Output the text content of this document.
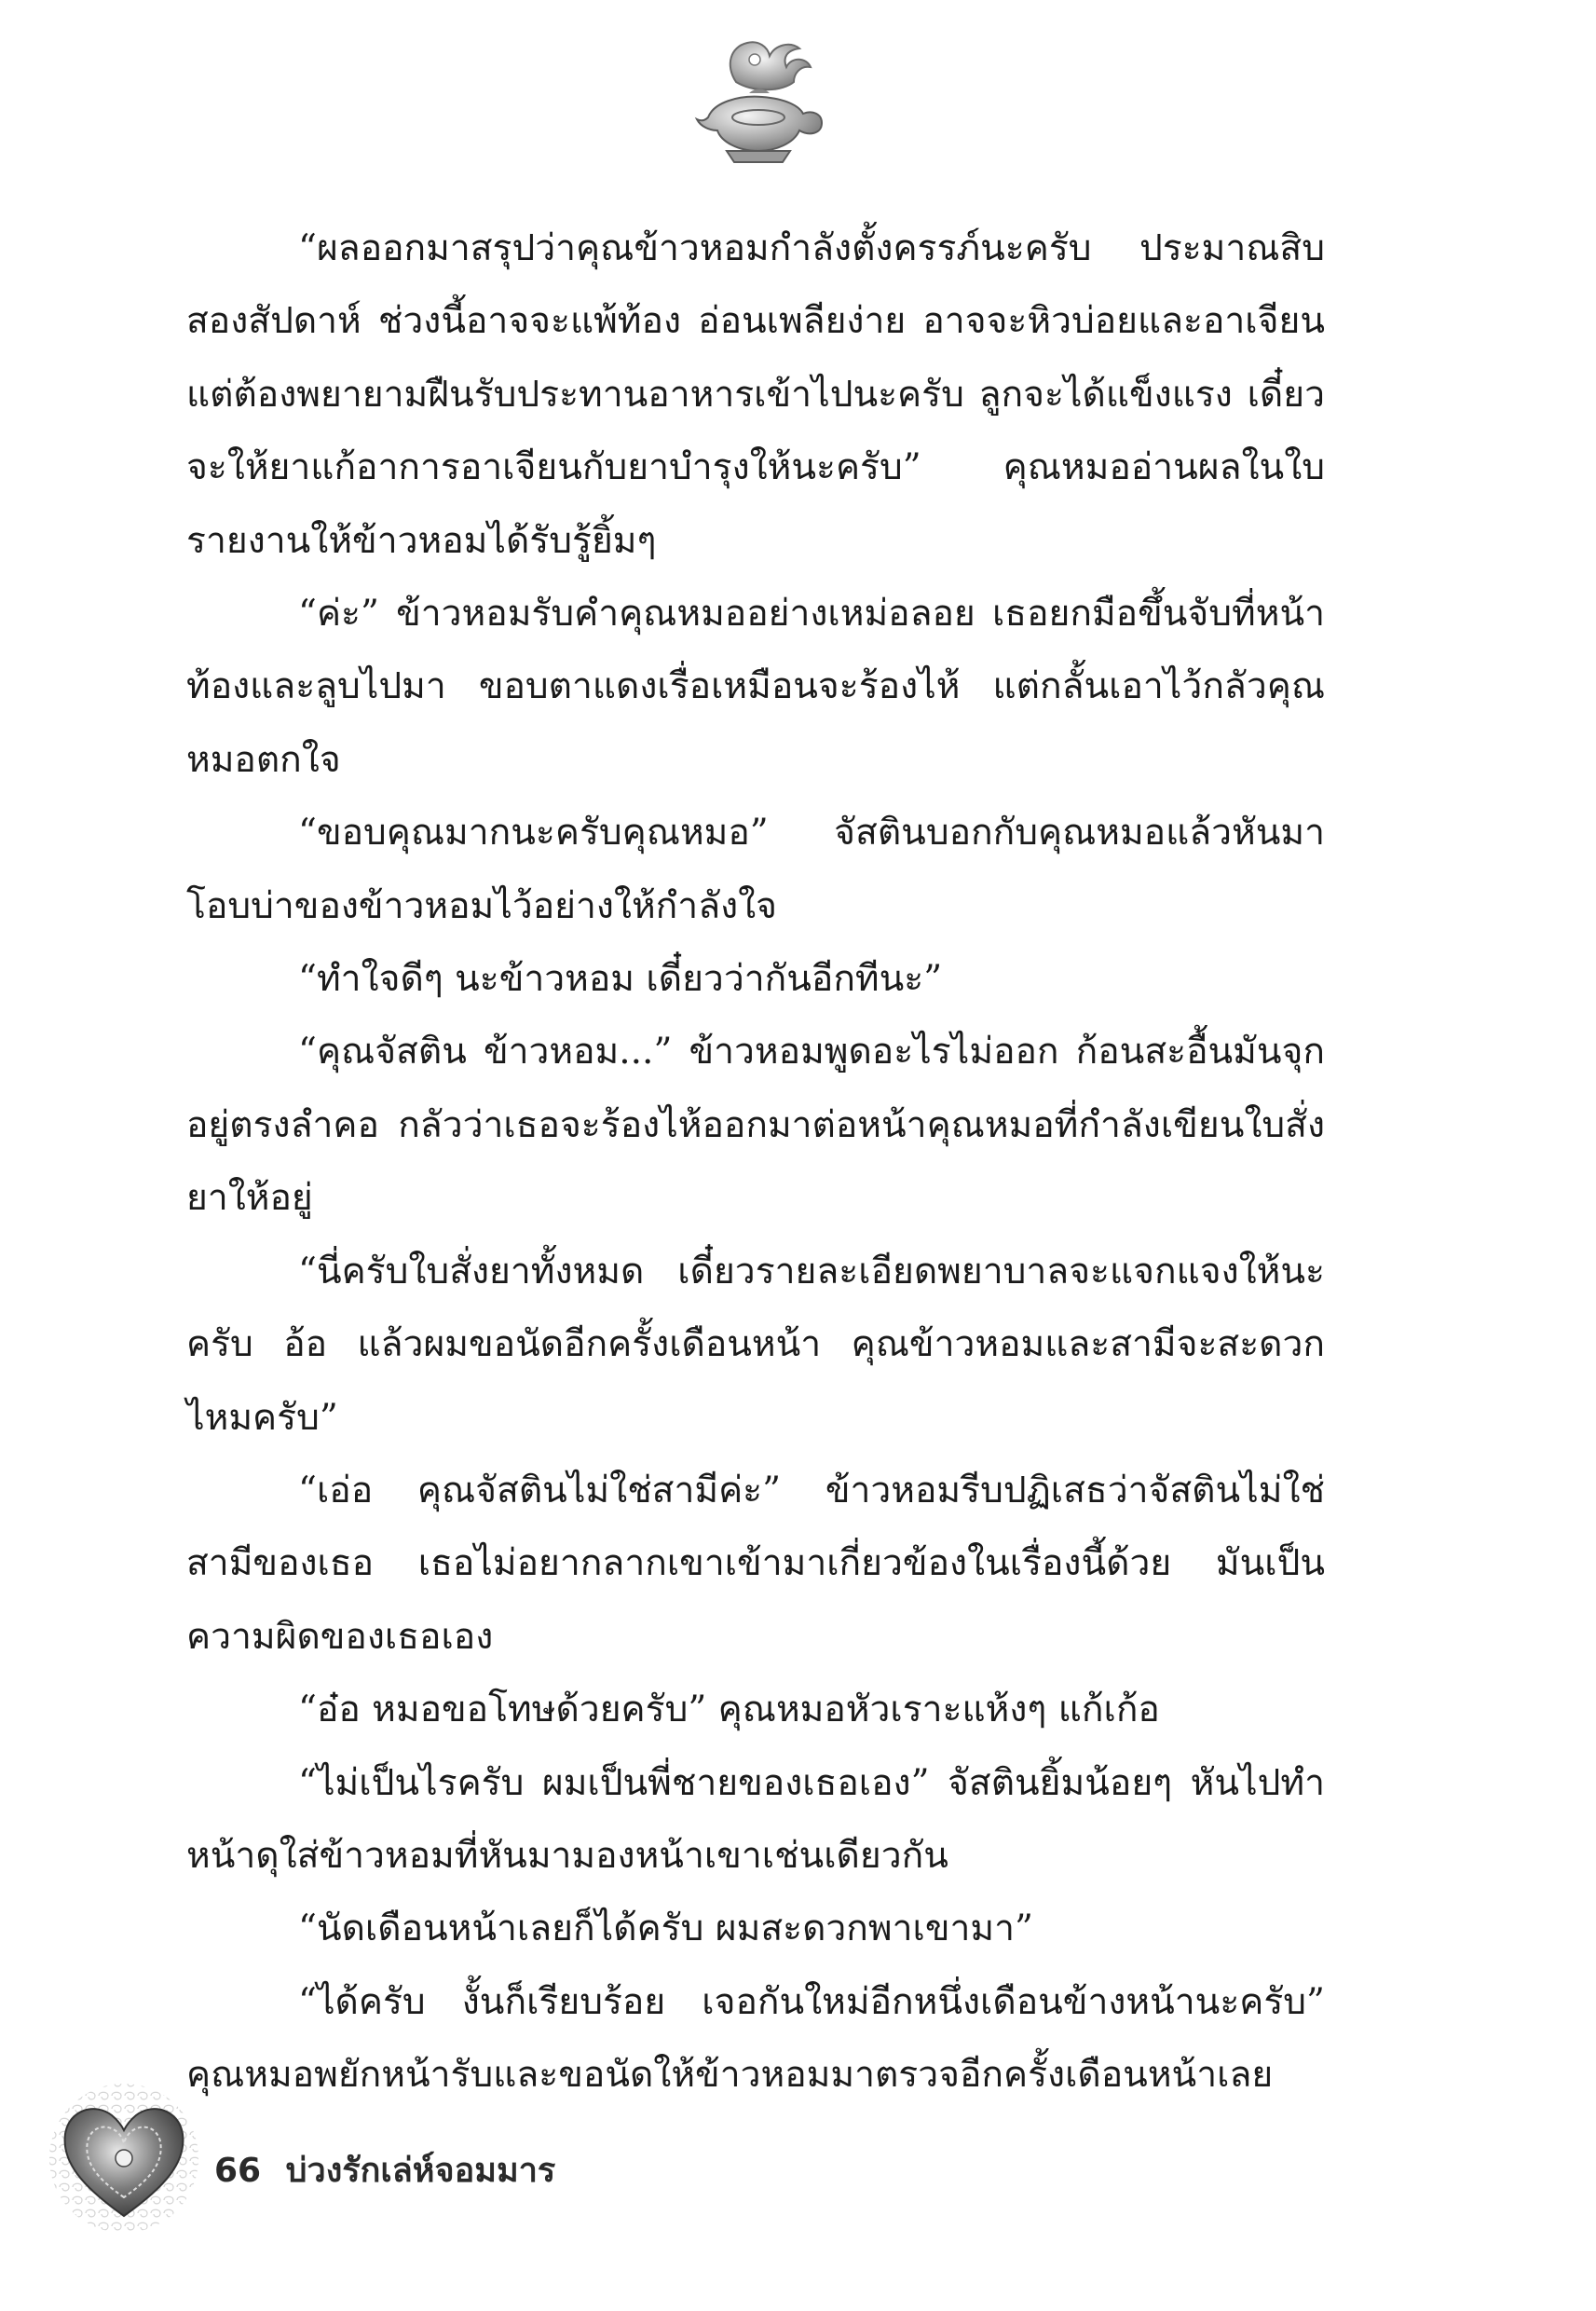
“ผลออกมาสรุปว่าคุณข้าวหอมกำลังตั้งครรภ์นะครับ ประมาณสิบสองสัปดาห์ ช่วงนี้อาจจะแพ้ท้อง อ่อนเพลียง่าย อาจจะหิวบ่อยและอาเจียน แต่ต้องพยายามฝืนรับประทานอาหารเข้าไปนะครับ ลูกจะได้แข็งแรง เดี๋ยวจะให้ยาแก้อาการอาเจียนกับยาบำรุงให้นะครับ” คุณหมออ่านผลในใบรายงานให้ข้าวหอมได้รับรู้ยิ้มๆ

“ค่ะ” ข้าวหอมรับคำคุณหมออย่างเหม่อลอย เธอยกมือขึ้นจับที่หน้าท้องและลูบไปมา ขอบตาแดงเรื่อเหมือนจะร้องไห้ แต่กลั้นเอาไว้กลัวคุณหมอตกใจ

“ขอบคุณมากนะครับคุณหมอ” จัสตินบอกกับคุณหมอแล้วหันมาโอบบ่าของข้าวหอมไว้อย่างให้กำลังใจ

“ทำใจดีๆ นะข้าวหอม เดี๋ยวว่ากันอีกทีนะ”

“คุณจัสติน ข้าวหอม...” ข้าวหอมพูดอะไรไม่ออก ก้อนสะอื้นมันจุกอยู่ตรงลำคอ กลัวว่าเธอจะร้องไห้ออกมาต่อหน้าคุณหมอที่กำลังเขียนใบสั่งยาให้อยู่

“นี่ครับใบสั่งยาทั้งหมด เดี๋ยวรายละเอียดพยาบาลจะแจกแจงให้นะครับ อ้อ แล้วผมขอนัดอีกครั้งเดือนหน้า คุณข้าวหอมและสามีจะสะดวกไหมครับ”

“เอ่อ คุณจัสตินไม่ใช่สามีค่ะ” ข้าวหอมรีบปฏิเสธว่าจัสตินไม่ใช่สามีของเธอ เธอไม่อยากลากเขาเข้ามาเกี่ยวข้องในเรื่องนี้ด้วย มันเป็นความผิดของเธอเอง

“อ๋อ หมอขอโทษด้วยครับ” คุณหมอหัวเราะแห้งๆ แก้เก้อ

“ไม่เป็นไรครับ ผมเป็นพี่ชายของเธอเอง” จัสตินยิ้มน้อยๆ หันไปทำหน้าดุใส่ข้าวหอมที่หันมามองหน้าเขาเช่นเดียวกัน

“นัดเดือนหน้าเลยก็ได้ครับ ผมสะดวกพาเขามา”

“ได้ครับ งั้นก็เรียบร้อย เจอกันใหม่อีกหนึ่งเดือนข้างหน้านะครับ” คุณหมอพยักหน้ารับและขอนัดให้ข้าวหอมมาตรวจอีกครั้งเดือนหน้าเลย

66 บ่วงรักเล่ห์จอมมาร
